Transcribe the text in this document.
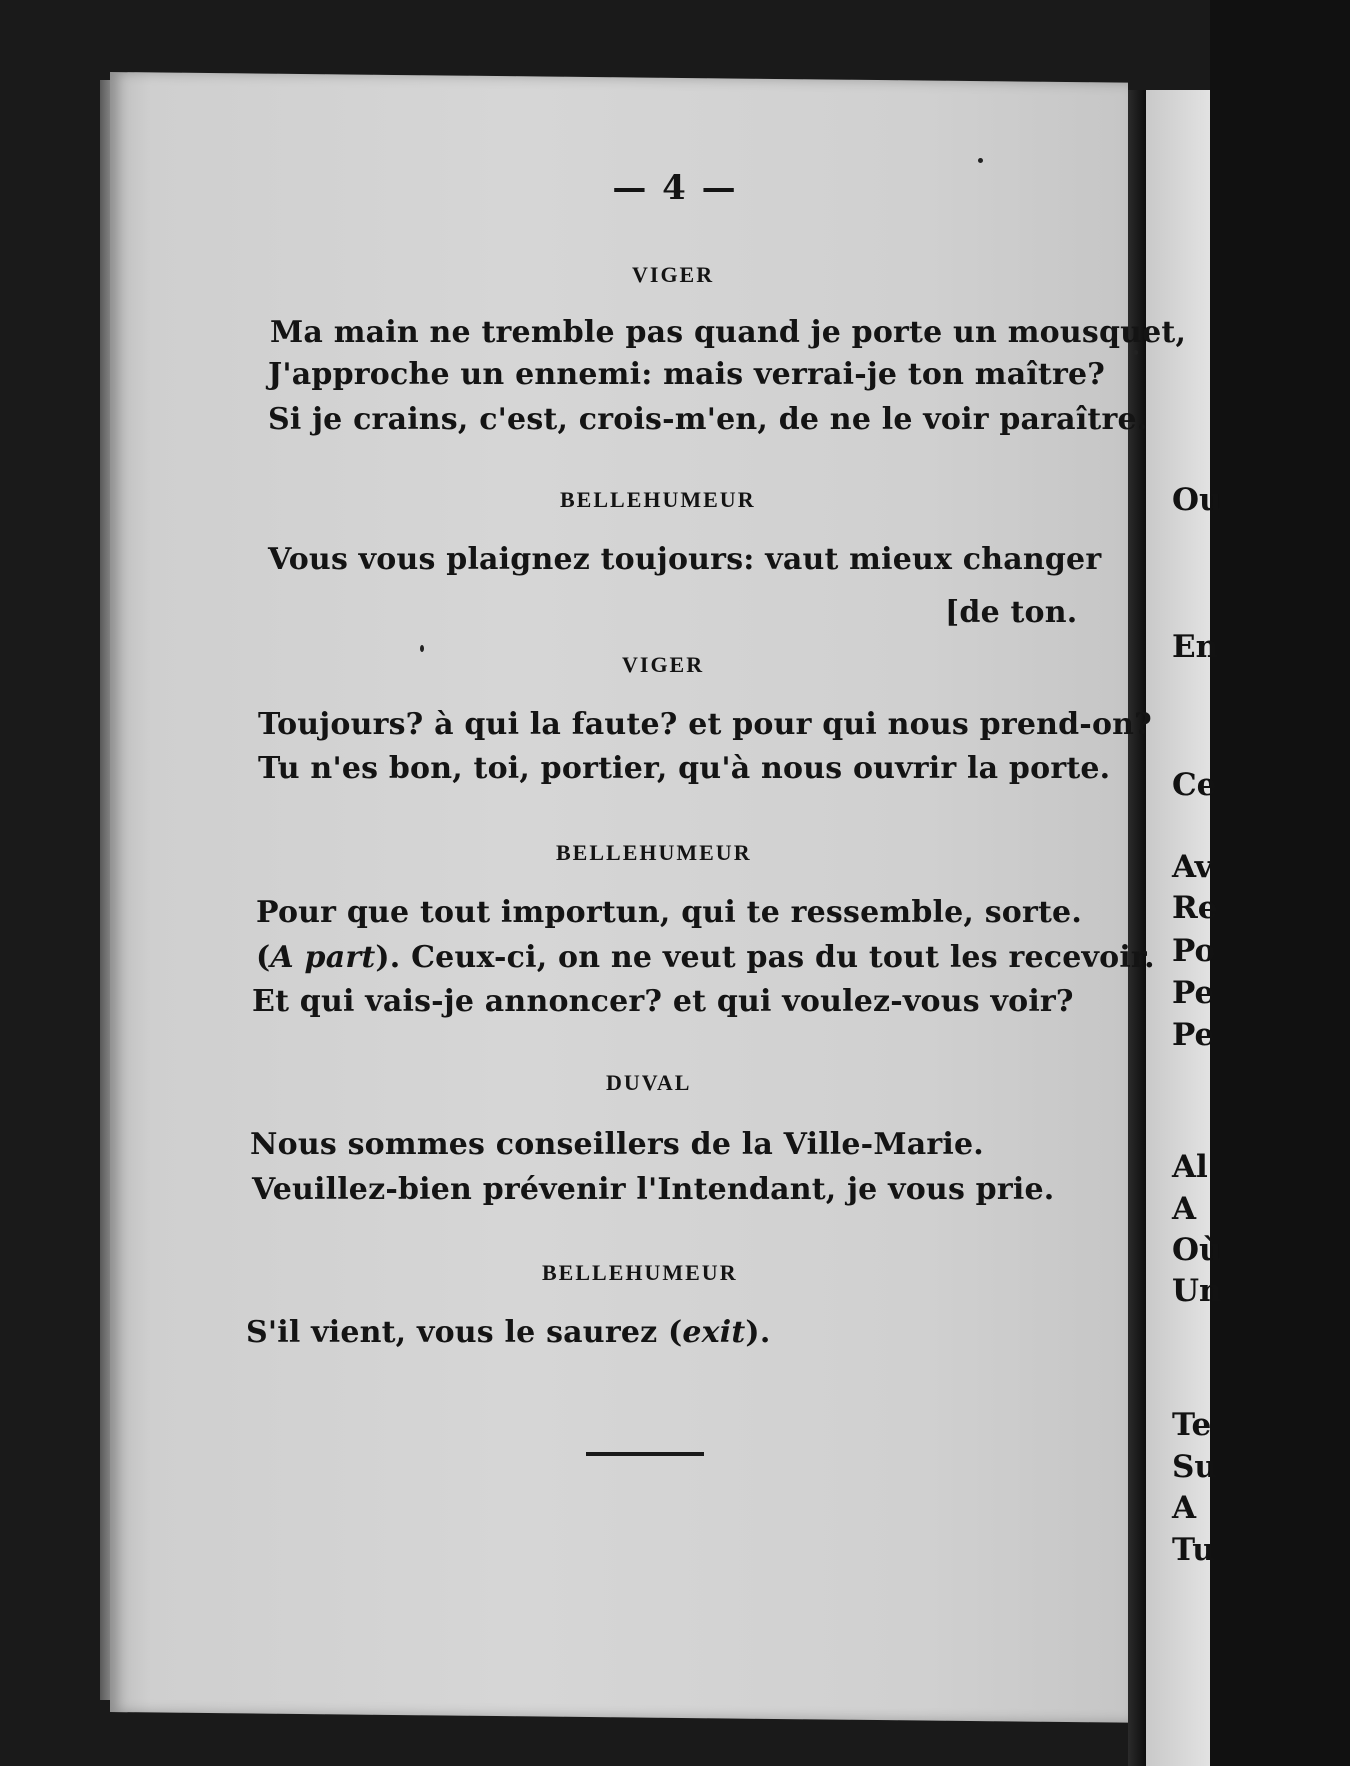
— 4 —
VIGER
Ma main ne tremble pas quand je porte un mousquet,
J'approche un ennemi: mais verrai-je ton maître?
Si je crains, c'est, crois-m'en, de ne le voir paraître.
BELLEHUMEUR
Vous vous plaignez toujours: vaut mieux changer
[de ton.
VIGER
Toujours? à qui la faute? et pour qui nous prend-on?
Tu n'es bon, toi, portier, qu'à nous ouvrir la porte.
BELLEHUMEUR
Pour que tout importun, qui te ressemble, sorte.
(A part). Ceux-ci, on ne veut pas du tout les recevoir.
Et qui vais-je annoncer? et qui voulez-vous voir?
DUVAL
Nous sommes conseillers de la Ville-Marie.
Veuillez-bien prévenir l'Intendant, je vous prie.
BELLEHUMEUR
S'il vient, vous le saurez (exit).
Ou
En
Ce
Av
Re
Po
Pe
Pe
Al
A
Où
Un
Te
Su
A
Tu
